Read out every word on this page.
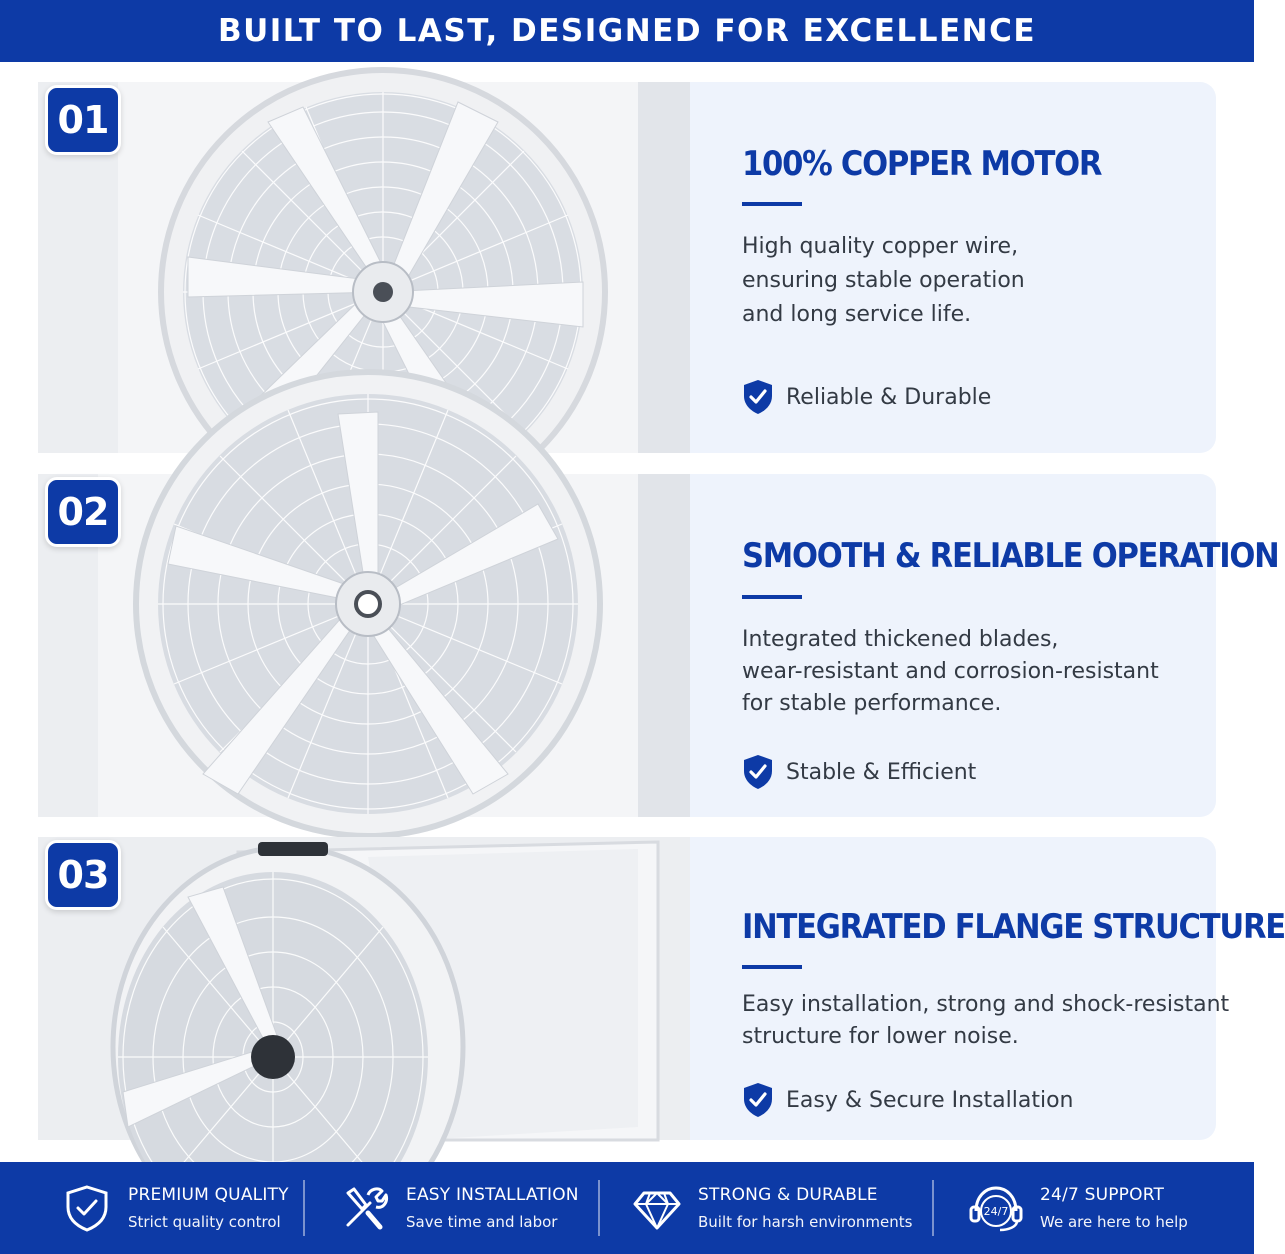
BUILT TO LAST, DESIGNED FOR EXCELLENCE
01
100% COPPER MOTOR
High quality copper wire,
ensuring stable operation
and long service life.
Reliable & Durable
02
SMOOTH & RELIABLE OPERATION
Integrated thickened blades,
wear-resistant and corrosion-resistant
for stable performance.
Stable & Efficient
03
INTEGRATED FLANGE STRUCTURE
Easy installation, strong and shock-resistant
structure for lower noise.
Easy & Secure Installation
PREMIUM QUALITY
Strict quality control
EASY INSTALLATION
Save time and labor
STRONG & DURABLE
Built for harsh environments
24/7
24/7 SUPPORT
We are here to help
